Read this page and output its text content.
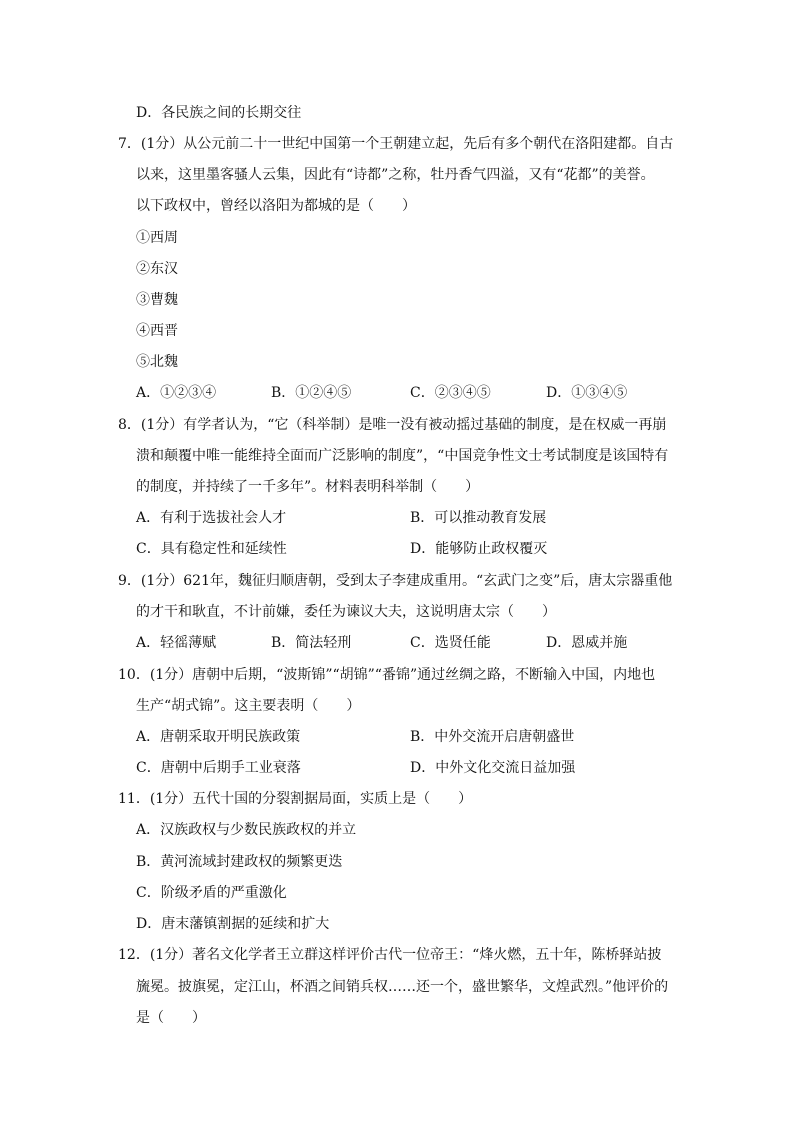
D．各民族之间的长期交往
7．(1分）从公元前二十一世纪中国第一个王朝建立起，先后有多个朝代在洛阳建都。自古
以来，这里墨客骚人云集，因此有“诗都”之称，牡丹香气四溢，又有“花都”的美誉。
以下政权中，曾经以洛阳为都城的是（　　）
①西周
②东汉
③曹魏
④西晋
⑤北魏
A．①②③④	B．①②④⑤	C．②③④⑤	D．①③④⑤
8．(1分）有学者认为，“它（科举制）是唯一没有被动摇过基础的制度，是在权威一再崩
溃和颠覆中唯一能维持全面而广泛影响的制度”，“中国竞争性文士考试制度是该国特有
的制度，并持续了一千多年”。材料表明科举制（　　）
A．有利于选拔社会人才	B．可以推动教育发展
C．具有稳定性和延续性	D．能够防止政权覆灭
9．(1分）621年，魏征归顺唐朝，受到太子李建成重用。“玄武门之变”后，唐太宗器重他
的才干和耿直，不计前嫌，委任为谏议大夫，这说明唐太宗（　　）
A．轻徭薄赋	B．简法轻刑	C．选贤任能	D．恩威并施
10．(1分）唐朝中后期，“波斯锦”“胡锦”“番锦”通过丝绸之路，不断输入中国，内地也
生产“胡式锦”。这主要表明（　　）
A．唐朝采取开明民族政策	B．中外交流开启唐朝盛世
C．唐朝中后期手工业衰落	D．中外文化交流日益加强
11．(1分）五代十国的分裂割据局面，实质上是（　　）
A．汉族政权与少数民族政权的并立
B．黄河流域封建政权的频繁更迭
C．阶级矛盾的严重激化
D．唐末藩镇割据的延续和扩大
12．(1分）著名文化学者王立群这样评价古代一位帝王：“烽火燃，五十年，陈桥驿站披
旒冕。披旗冕，定江山，杯酒之间销兵权……还一个，盛世繁华，文煌武烈。”他评价的
是（　　）
